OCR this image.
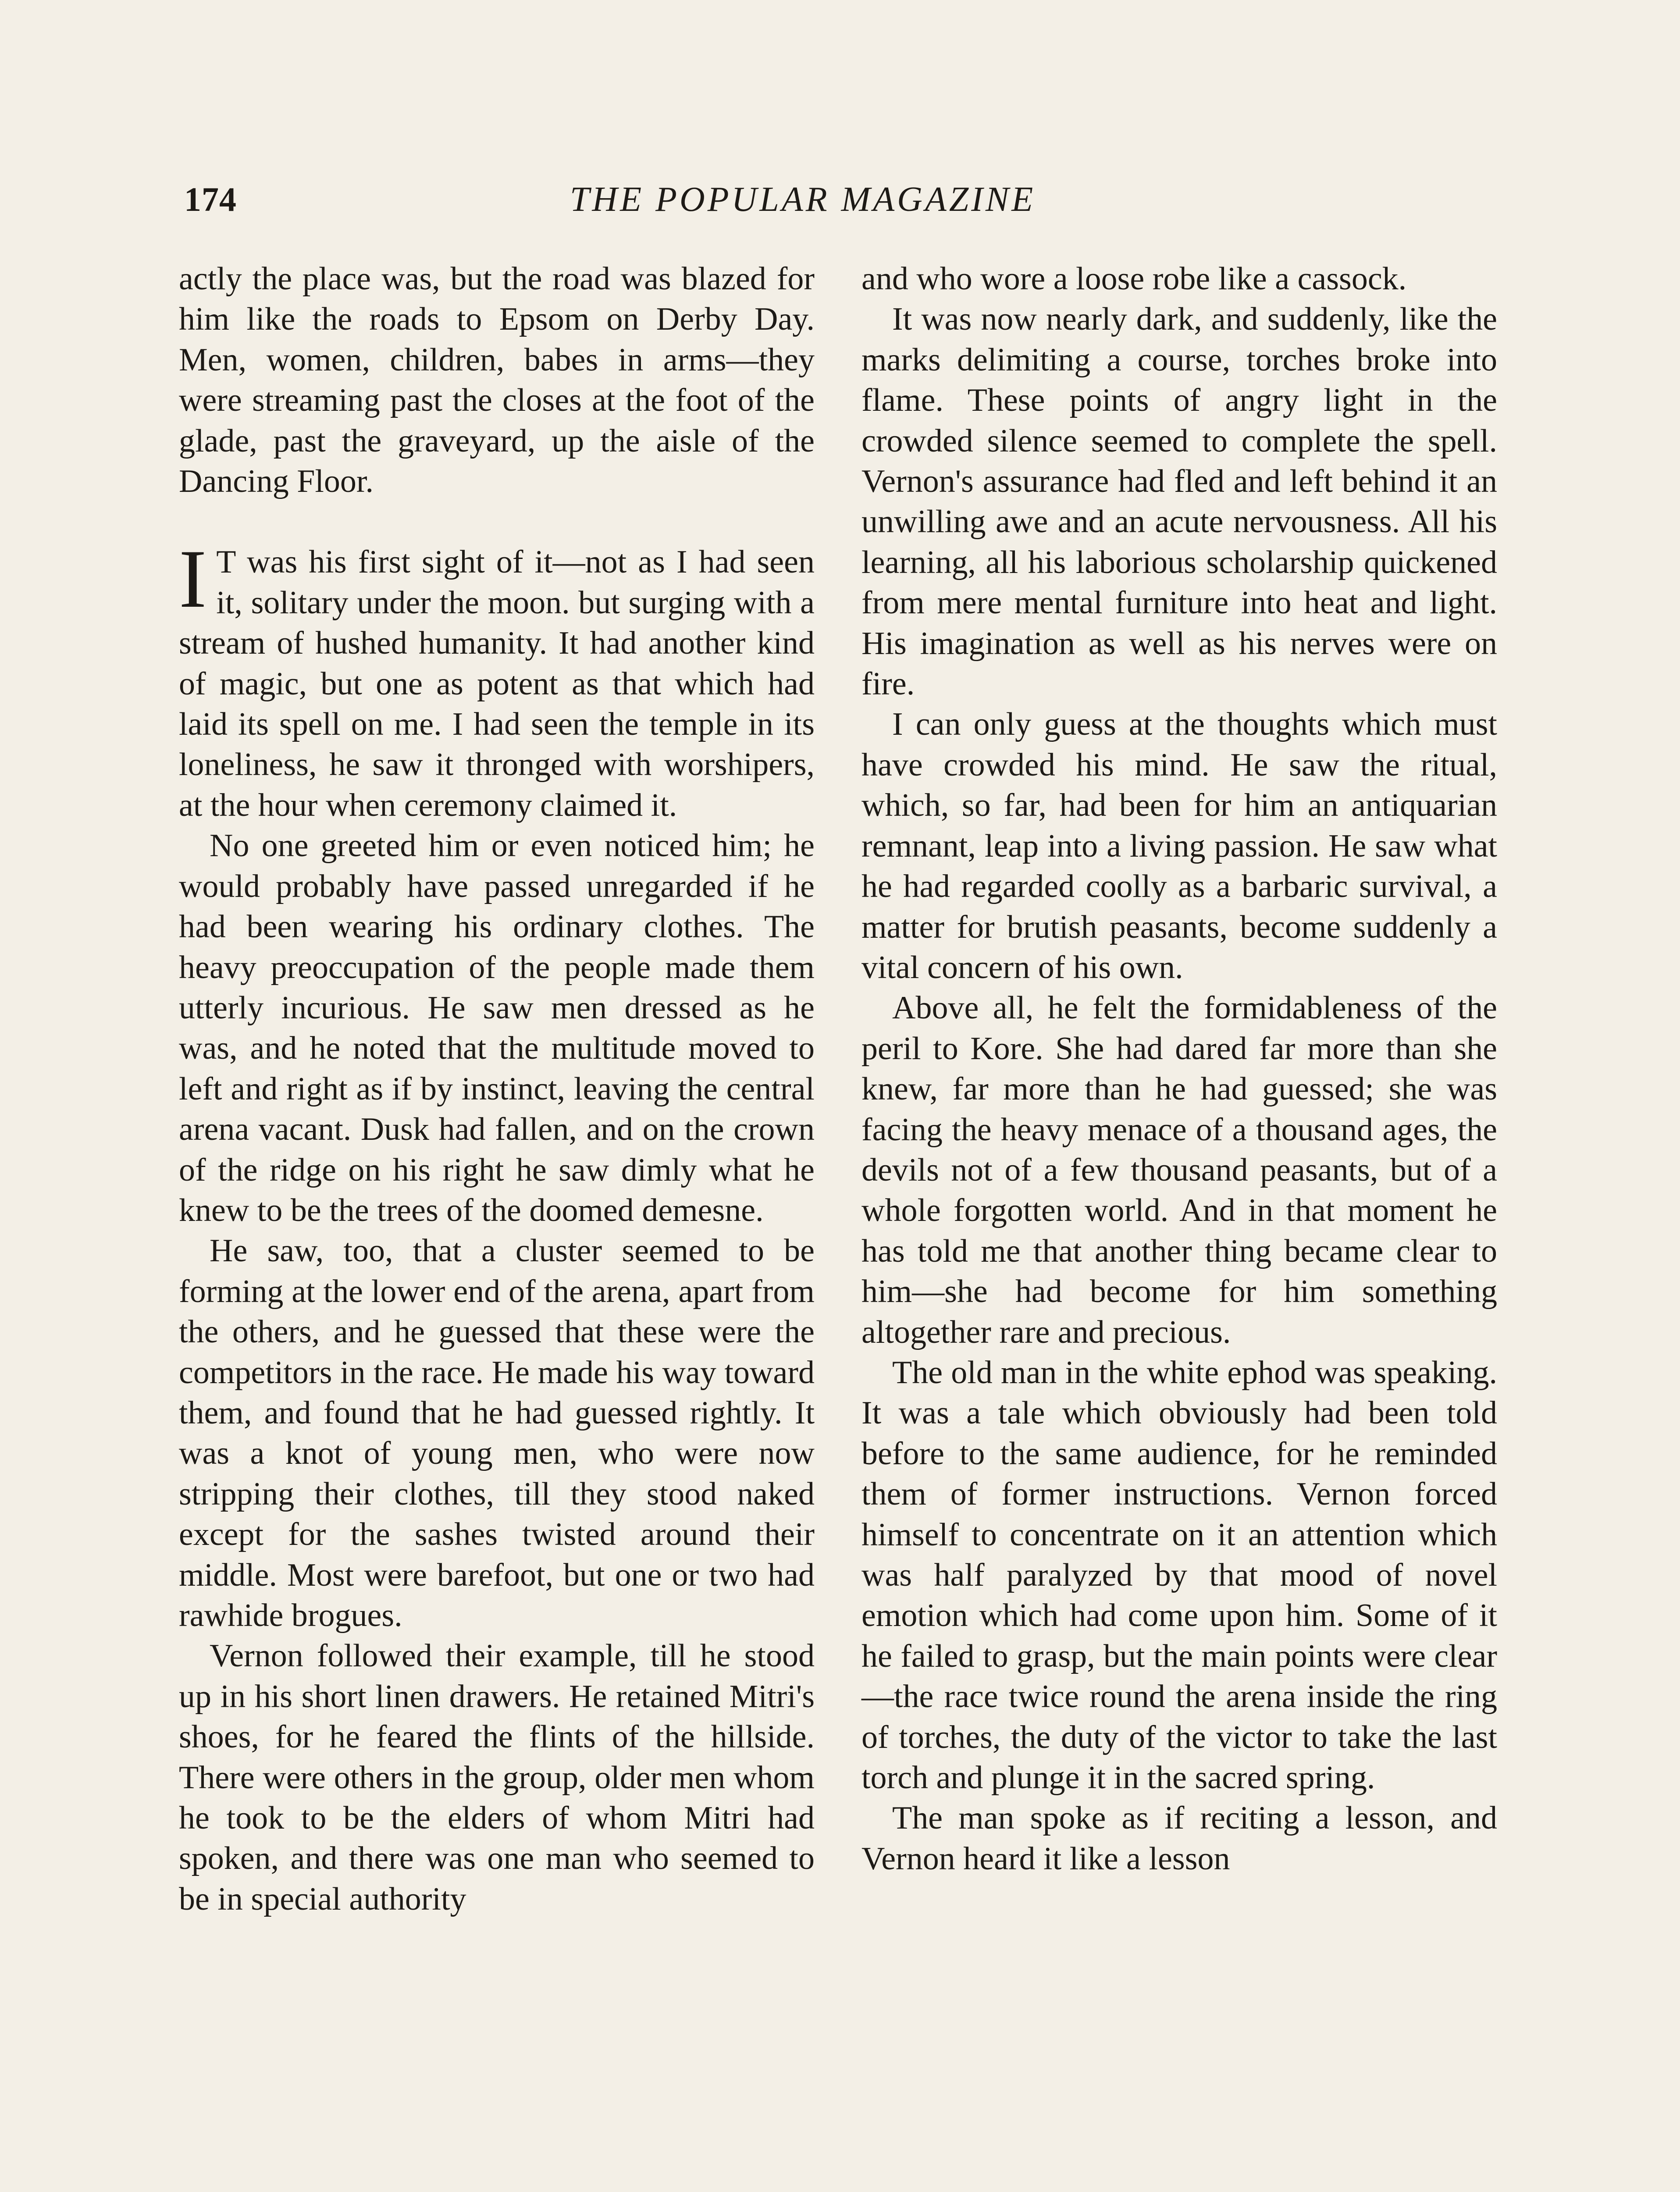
174	THE POPULAR MAGAZINE

actly the place was, but the road was blazed for him like the roads to Epsom on Derby Day. Men, women, children, babes in arms—they were streaming past the closes at the foot of the glade, past the graveyard, up the aisle of the Dancing Floor.

I T was his first sight of it—not as I had seen it, solitary under the moon. but surging with a stream of hushed humanity. It had another kind of magic, but one as potent as that which had laid its spell on me. I had seen the temple in its loneliness, he saw it thronged with worshipers, at the hour when ceremony claimed it.

No one greeted him or even noticed him; he would probably have passed unregarded if he had been wearing his ordinary clothes. The heavy preoccupation of the people made them utterly incurious. He saw men dressed as he was, and he noted that the multitude moved to left and right as if by instinct, leaving the central arena vacant. Dusk had fallen, and on the crown of the ridge on his right he saw dimly what he knew to be the trees of the doomed demesne.

He saw, too, that a cluster seemed to be forming at the lower end of the arena, apart from the others, and he guessed that these were the competitors in the race. He made his way toward them, and found that he had guessed rightly. It was a knot of young men, who were now stripping their clothes, till they stood naked except for the sashes twisted around their middle. Most were barefoot, but one or two had rawhide brogues.

Vernon followed their example, till he stood up in his short linen drawers. He retained Mitri's shoes, for he feared the flints of the hillside. There were others in the group, older men whom he took to be the elders of whom Mitri had spoken, and there was one man who seemed to be in special authority

and who wore a loose robe like a cassock.

It was now nearly dark, and suddenly, like the marks delimiting a course, torches broke into flame. These points of angry light in the crowded silence seemed to complete the spell. Vernon's assurance had fled and left behind it an unwilling awe and an acute nervousness. All his learning, all his laborious scholarship quickened from mere mental furniture into heat and light. His imagination as well as his nerves were on fire.

I can only guess at the thoughts which must have crowded his mind. He saw the ritual, which, so far, had been for him an antiquarian remnant, leap into a living passion. He saw what he had regarded coolly as a barbaric survival, a matter for brutish peasants, become suddenly a vital concern of his own.

Above all, he felt the formidableness of the peril to Kore. She had dared far more than she knew, far more than he had guessed; she was facing the heavy menace of a thousand ages, the devils not of a few thousand peasants, but of a whole forgotten world. And in that moment he has told me that another thing became clear to him—she had become for him something altogether rare and precious.

The old man in the white ephod was speaking. It was a tale which obviously had been told before to the same audience, for he reminded them of former instructions. Vernon forced himself to concentrate on it an attention which was half paralyzed by that mood of novel emotion which had come upon him. Some of it he failed to grasp, but the main points were clear—the race twice round the arena inside the ring of torches, the duty of the victor to take the last torch and plunge it in the sacred spring.

The man spoke as if reciting a lesson, and Vernon heard it like a lesson
